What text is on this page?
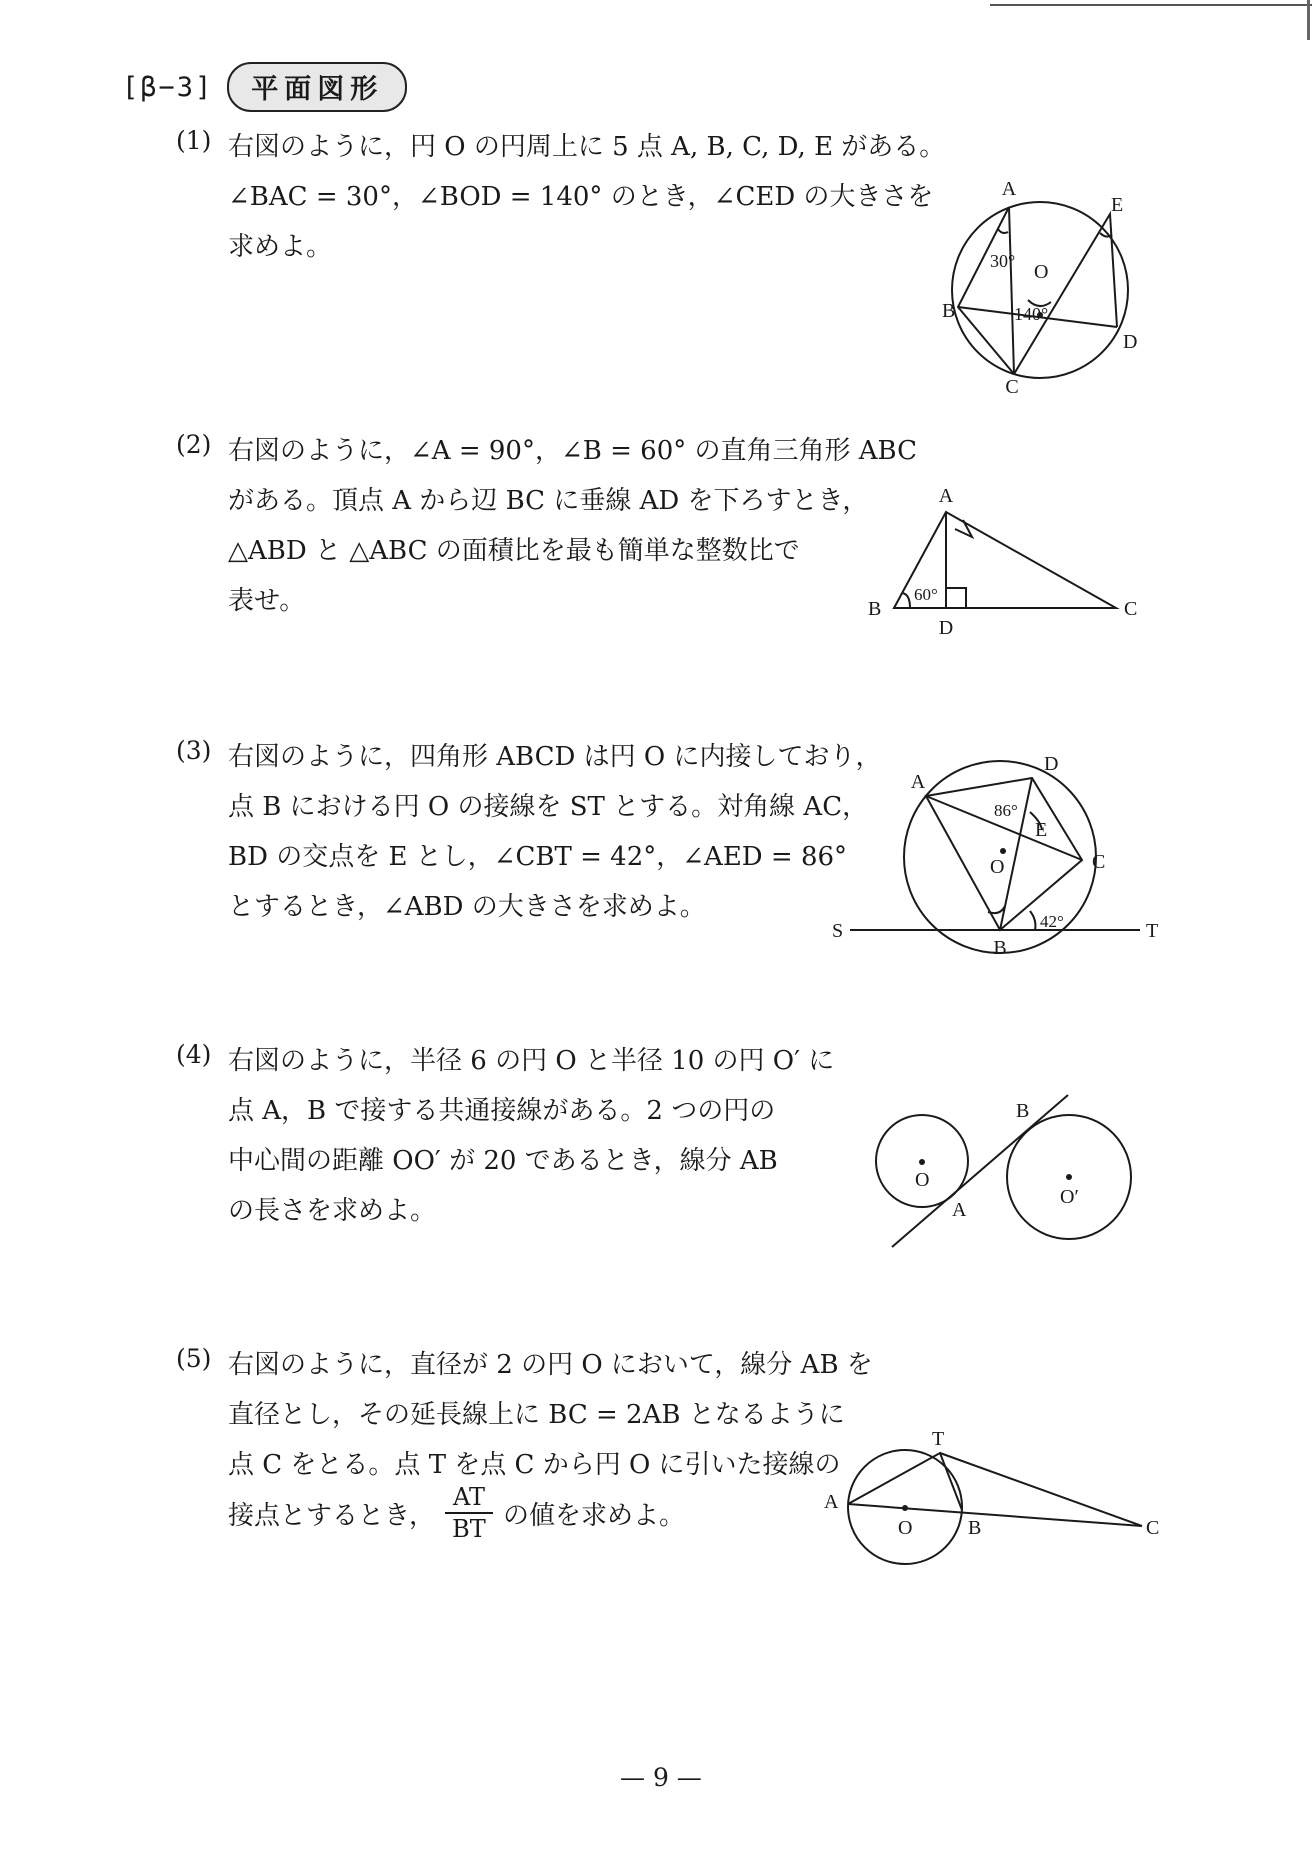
[β−3]	平面図形
(1) 右図のように，円 O の円周上に 5 点 A, B, C, D, E がある。
∠BAC = 30°，∠BOD = 140° のとき，∠CED の大きさを
求めよ。
A
E
B
D
C
O
30°
140°
(2) 右図のように，∠A = 90°，∠B = 60° の直角三角形 ABC
がある。頂点 A から辺 BC に垂線 AD を下ろすとき，
△ABD と △ABC の面積比を最も簡単な整数比で
表せ。
A
B	C
D
60°
(3) 右図のように，四角形 ABCD は円 O に内接しており，
点 B における円 O の接線を ST とする。対角線 AC，
BD の交点を E とし，∠CBT = 42°，∠AED = 86°
とするとき，∠ABD の大きさを求めよ。
D
A
C
E
O
S	T
B
86°
42°
(4) 右図のように，半径 6 の円 O と半径 10 の円 O′ に
点 A，B で接する共通接線がある。2 つの円の
中心間の距離 OO′ が 20 であるとき，線分 AB
の長さを求めよ。
O
O′
A
B
(5) 右図のように，直径が 2 の円 O において，線分 AB を
直径とし，その延長線上に BC = 2AB となるように
点 C をとる。点 T を点 C から円 O に引いた接線の
接点とするとき， $\frac{AT}{BT}$ の値を求めよ。	A
T
O	B	C
— 9 —
